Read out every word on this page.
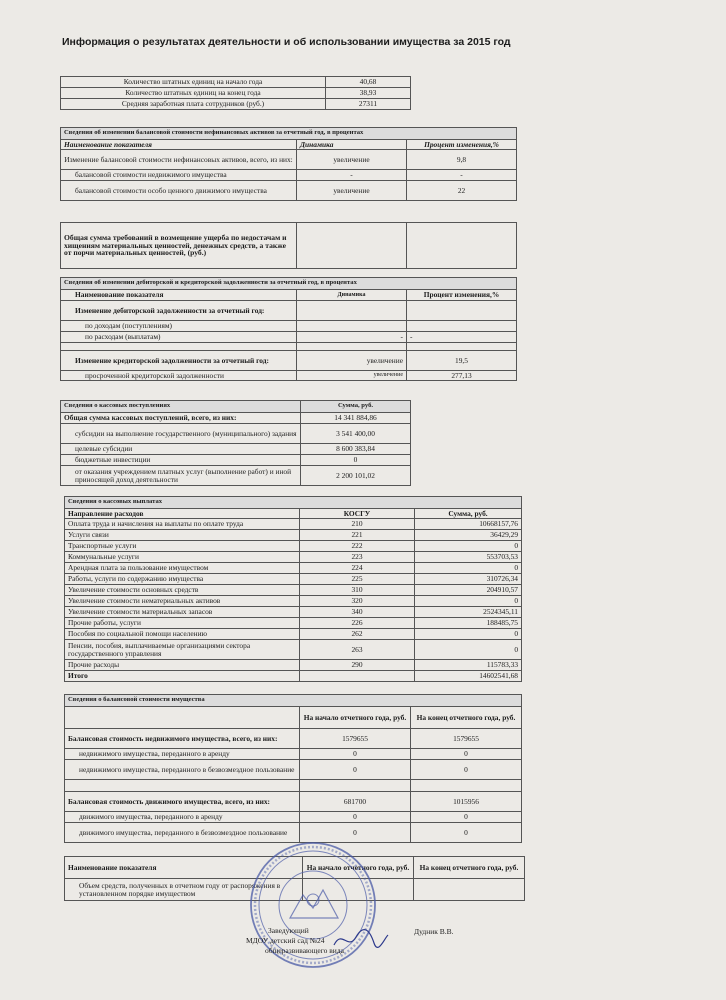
Информация о результатах деятельности и об использовании имущества за 2015 год
Количество штатных единиц на начало года	40,68
Количество штатных единиц на конец года	38,93
Средняя заработная плата сотрудников (руб.)	27311
Сведения об изменении балансовой стоимости нефинансовых активов за отчетный год, в процентах		
Наименование показателя	Динамика	Процент изменения,%
Изменение балансовой стоимости нефинансовых активов, всего, из них:	увеличение	9,8
балансовой стоимости недвижимого имущества	-	-
балансовой стоимости особо ценного движимого имущества	увеличение	22
Общая сумма требований в возмещение ущерба по недостачам и хищениям материальных ценностей, денежных средств, а также от порчи материальных ценностей, (руб.)		
Сведения об изменении дебиторской и кредиторской задолженности за отчетный год, в процентах		
Наименование показателя	Динамика	Процент изменения,%
Изменение дебиторской задолженности за отчетный год:		
по доходам (поступлениям)		
по расходам (выплатам)	-	-

Изменение кредиторской задолженности за отчетный год:	увеличение	19,5
просроченной кредиторской задолженности	увеличение	277,13
Сведения о кассовых поступлениях	Сумма, руб.
Общая сумма кассовых поступлений, всего, из них:	14 341 884,86
субсидии на выполнение государственного (муниципального) задания	3 541 400,00
целевые субсидии	8 600 383,84
бюджетные инвестиции	0
от оказания учреждением платных услуг (выполнение работ) и иной приносящей доход деятельности	2 200 101,02
Сведения о кассовых выплатах		
Направление расходов	КОСГУ	Сумма, руб.
Оплата труда и начисления на выплаты по оплате труда	210	10668157,76
Услуги связи	221	36429,29
Транспортные услуги	222	0
Коммунальные услуги	223	553703,53
Арендная плата за пользование имуществом	224	0
Работы, услуги по содержанию имущества	225	310726,34
Увеличение стоимости основных средств	310	204910,57
Увеличение стоимости нематериальных активов	320	0
Увеличение стоимости материальных запасов	340	2524345,11
Прочие работы, услуги	226	188485,75
Пособия по социальной помощи населению	262	0
Пенсии, пособия, выплачиваемые организациями сектора государственного управления	263	0
Прочие расходы	290	115783,33
Итого		14602541,68
Сведения о балансовой стоимости имущества		
	На начало отчетного года, руб.	На конец отчетного года, руб.
Балансовая стоимость недвижимого имущества, всего, из них:	1579655	1579655
недвижимого имущества, переданного в аренду	0	0
недвижимого имущества, переданного в безвозмездное пользование	0	0

Балансовая стоимость движимого имущества, всего, из них:	681700	1015956
движимого имущества, переданного в аренду	0	0
движимого имущества, переданного в безвозмездное пользование	0	0
Наименование показателя	На начало отчетного года, руб.	На конец отчетного года, руб.
Объем средств, полученных в отчетном году от распоряжения в установленном порядке имуществом		
Заведующий
МДОУ детский сад №24
общеразвивающего вида
Дудник В.В.
